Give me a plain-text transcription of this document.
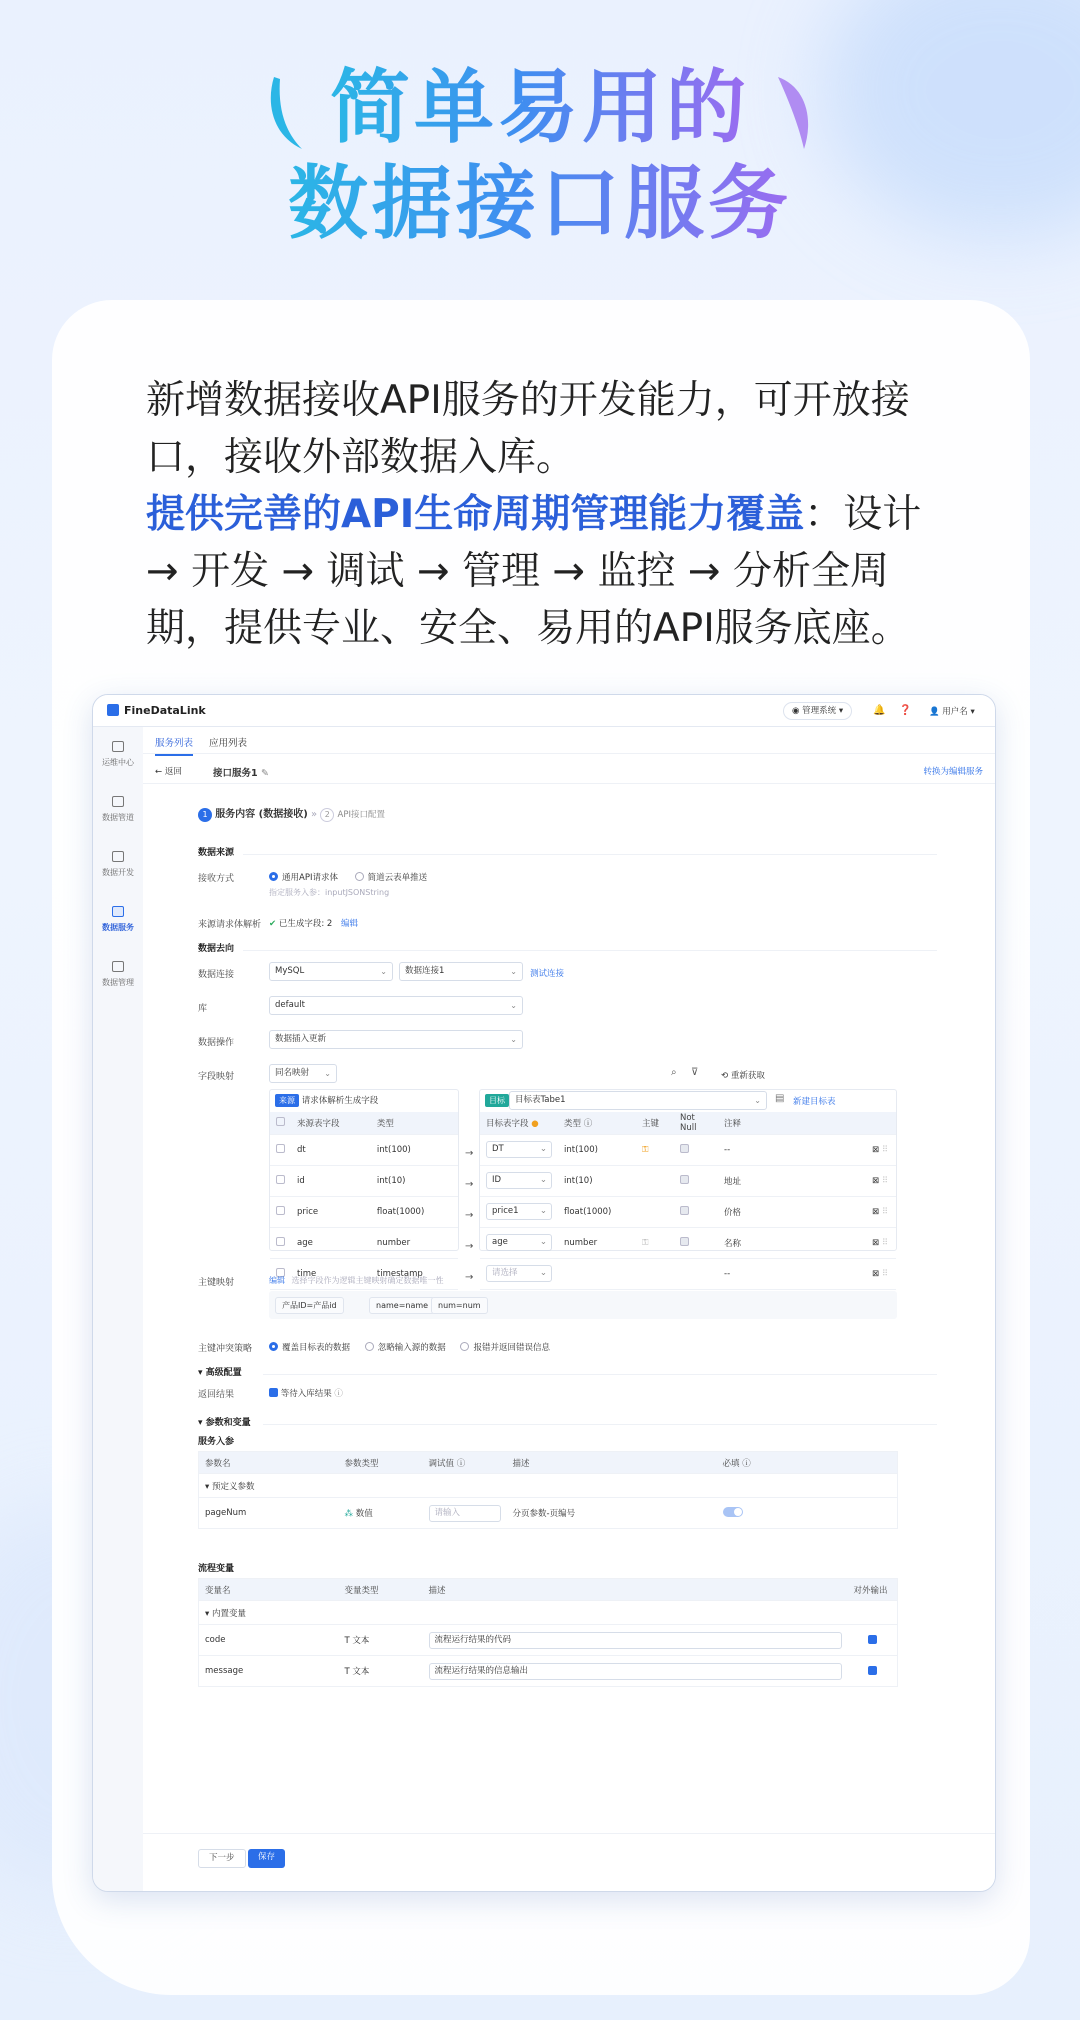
简单易用的
数据接口服务
新增数据接收API服务的开发能力，可开放接口，接收外部数据入库。
提供完善的API生命周期管理能力覆盖：设计 → 开发 → 调试 → 管理 → 监控 → 分析全周期，提供专业、安全、易用的API服务底座。
FineDataLink	◉ 管理系统 ▾	🔔 ❓ 👤 用户名 ▾
运维中心
数据管道
数据开发
数据服务
数据管理
服务列表 应用列表
← 返回	接口服务1 ✎	转换为编辑服务
1 服务内容 (数据接收) » 2 API接口配置
数据来源
接收方式	通用API请求体	简道云表单推送
指定服务入参：inputJSONString
来源请求体解析 ✔ 已生成字段: 2 编辑
数据去向
数据连接	MySQL	⌄	数据连接1	⌄ 测试连接
库	default	⌄
数据操作	数据插入更新	⌄
字段映射	同名映射 ⌄	⌕ ⊽	⟲ 重新获取
来源 请求体解析生成字段
	来源表字段	类型
	dt	int(100)
	id	int(10)
	price	float(1000)
	age	number
	time	timestamp
→
→
→
→
→
目标	目标表Tabe1	⌄ ▤ 新建目标表
目标表字段 ●	类型 ⓘ	主键	Not Null	注释	
DT ⌄	int(100)	⚿		--	⊠ ⠿
ID ⌄	int(10)			地址	⊠ ⠿
price1 ⌄	float(1000)			价格	⊠ ⠿
age ⌄	number	⚿		名称	⊠ ⠿
请选择 ⌄				--	⊠ ⠿
主键映射	编辑 选择字段作为逻辑主键映射确定数据唯一性
产品ID=产品id	name=name	num=num
主键冲突策略	覆盖目标表的数据	忽略输入源的数据	报错并返回错误信息
▾ 高级配置
返回结果	等待入库结果 ⓘ
▾ 参数和变量
服务入参
参数名	参数类型	调试值 ⓘ	描述	必填 ⓘ
▾ 预定义参数				
pageNum	⁂ 数值	请输入	分页参数-页编号	
流程变量
变量名	变量类型	描述	对外输出
▾ 内置变量			
code	T 文本	流程运行结果的代码	
message	T 文本	流程运行结果的信息输出	
下一步	保存
